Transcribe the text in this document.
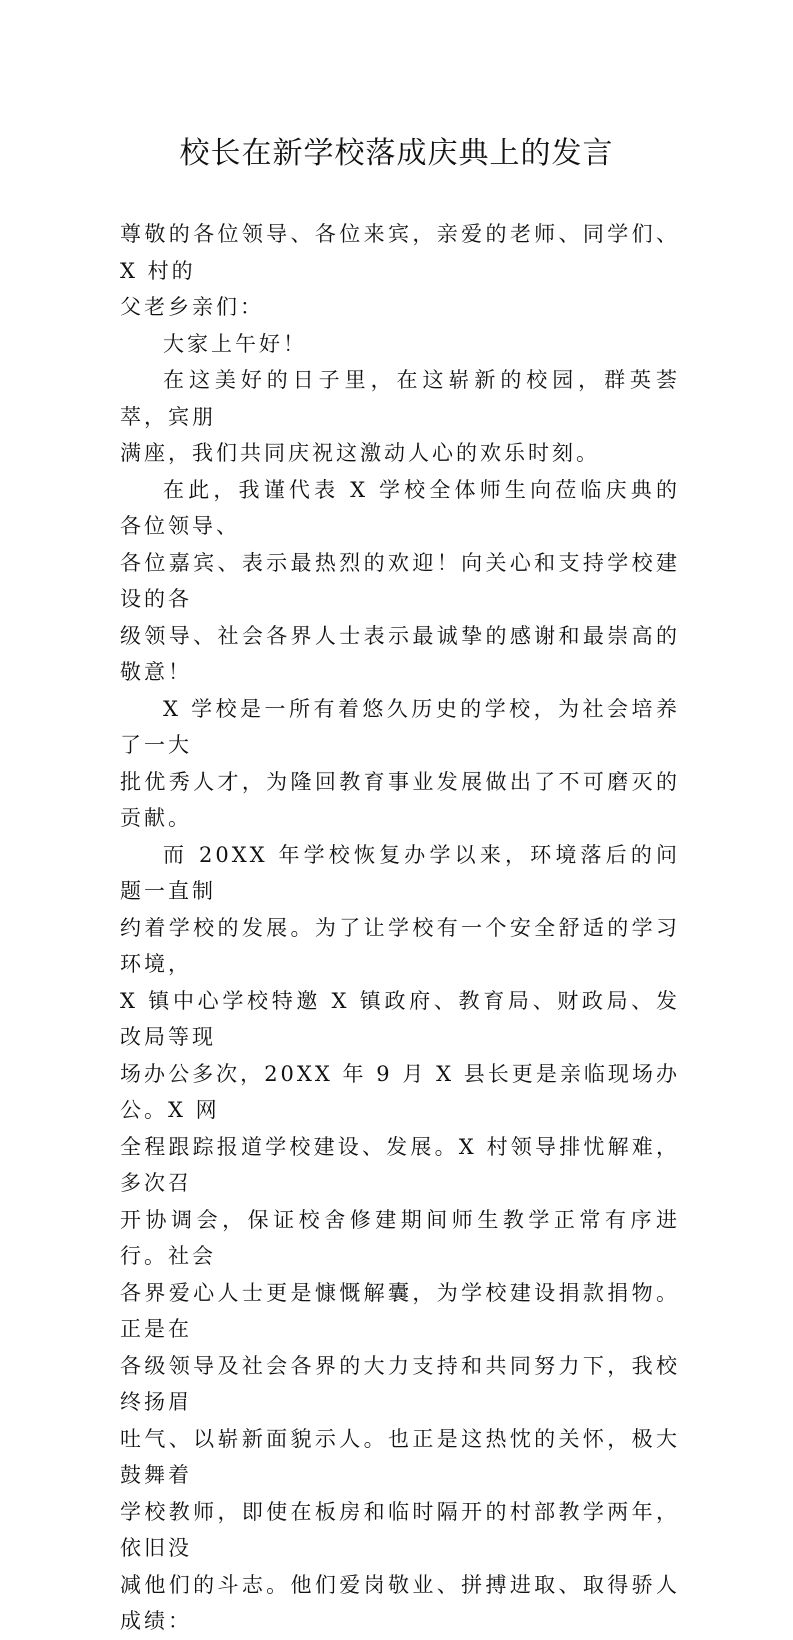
校长在新学校落成庆典上的发言

尊敬的各位领导、各位来宾，亲爱的老师、同学们、X 村的
父老乡亲们：

大家上午好！

在这美好的日子里，在这崭新的校园，群英荟萃，宾朋
满座，我们共同庆祝这激动人心的欢乐时刻。

在此，我谨代表 X 学校全体师生向莅临庆典的各位领导、
各位嘉宾、表示最热烈的欢迎！向关心和支持学校建设的各
级领导、社会各界人士表示最诚挚的感谢和最崇高的敬意！

X 学校是一所有着悠久历史的学校，为社会培养了一大
批优秀人才，为隆回教育事业发展做出了不可磨灭的贡献。

而 20XX 年学校恢复办学以来，环境落后的问题一直制
约着学校的发展。为了让学校有一个安全舒适的学习环境，
X 镇中心学校特邀 X 镇政府、教育局、财政局、发改局等现
场办公多次，20XX 年 9 月 X 县长更是亲临现场办公。X 网
全程跟踪报道学校建设、发展。X 村领导排忧解难，多次召
开协调会，保证校舍修建期间师生教学正常有序进行。社会
各界爱心人士更是慷慨解囊，为学校建设捐款捐物。正是在
各级领导及社会各界的大力支持和共同努力下，我校终扬眉
吐气、以崭新面貌示人。也正是这热忱的关怀，极大鼓舞着
学校教师，即使在板房和临时隔开的村部教学两年，依旧没
减他们的斗志。他们爱岗敬业、拼搏进取、取得骄人成绩：
